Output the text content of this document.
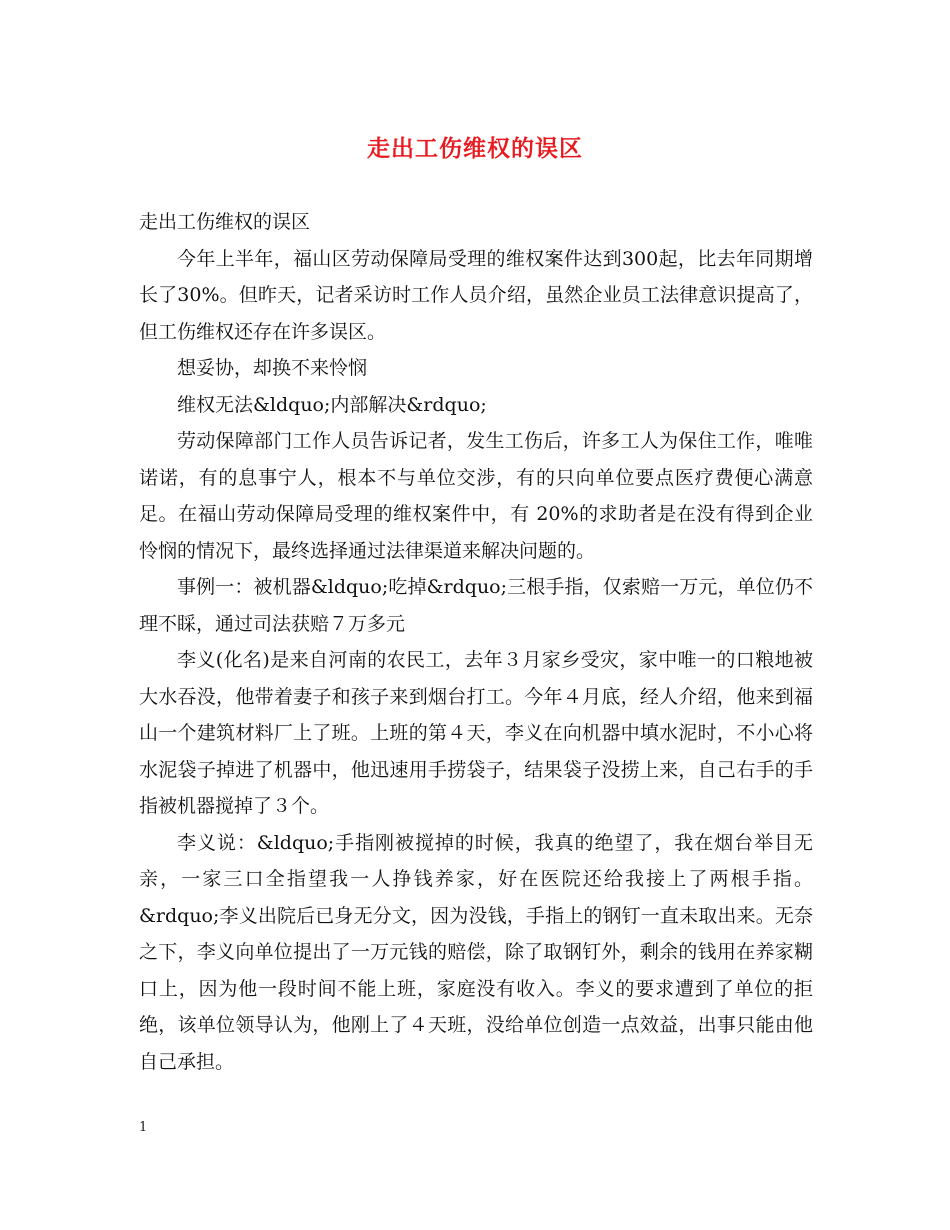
走出工伤维权的误区

走出工伤维权的误区

今年上半年，福山区劳动保障局受理的维权案件达到300起，比去年同期增长了30%。但昨天，记者采访时工作人员介绍，虽然企业员工法律意识提高了，但工伤维权还存在许多误区。

想妥协，却换不来怜悯

维权无法&ldquo;内部解决&rdquo;

劳动保障部门工作人员告诉记者，发生工伤后，许多工人为保住工作，唯唯诺诺，有的息事宁人，根本不与单位交涉，有的只向单位要点医疗费便心满意足。在福山劳动保障局受理的维权案件中，有 20%的求助者是在没有得到企业怜悯的情况下，最终选择通过法律渠道来解决问题的。

事例一：被机器&ldquo;吃掉&rdquo;三根手指，仅索赔一万元，单位仍不理不睬，通过司法获赔７万多元

李义(化名)是来自河南的农民工，去年３月家乡受灾，家中唯一的口粮地被大水吞没，他带着妻子和孩子来到烟台打工。今年４月底，经人介绍，他来到福山一个建筑材料厂上了班。上班的第４天，李义在向机器中填水泥时，不小心将水泥袋子掉进了机器中，他迅速用手捞袋子，结果袋子没捞上来，自己右手的手指被机器搅掉了３个。

李义说：&ldquo;手指刚被搅掉的时候，我真的绝望了，我在烟台举目无亲，一家三口全指望我一人挣钱养家，好在医院还给我接上了两根手指。&rdquo;李义出院后已身无分文，因为没钱，手指上的钢钉一直未取出来。无奈之下，李义向单位提出了一万元钱的赔偿，除了取钢钉外，剩余的钱用在养家糊口上，因为他一段时间不能上班，家庭没有收入。李义的要求遭到了单位的拒绝，该单位领导认为，他刚上了４天班，没给单位创造一点效益，出事只能由他自己承担。

1
